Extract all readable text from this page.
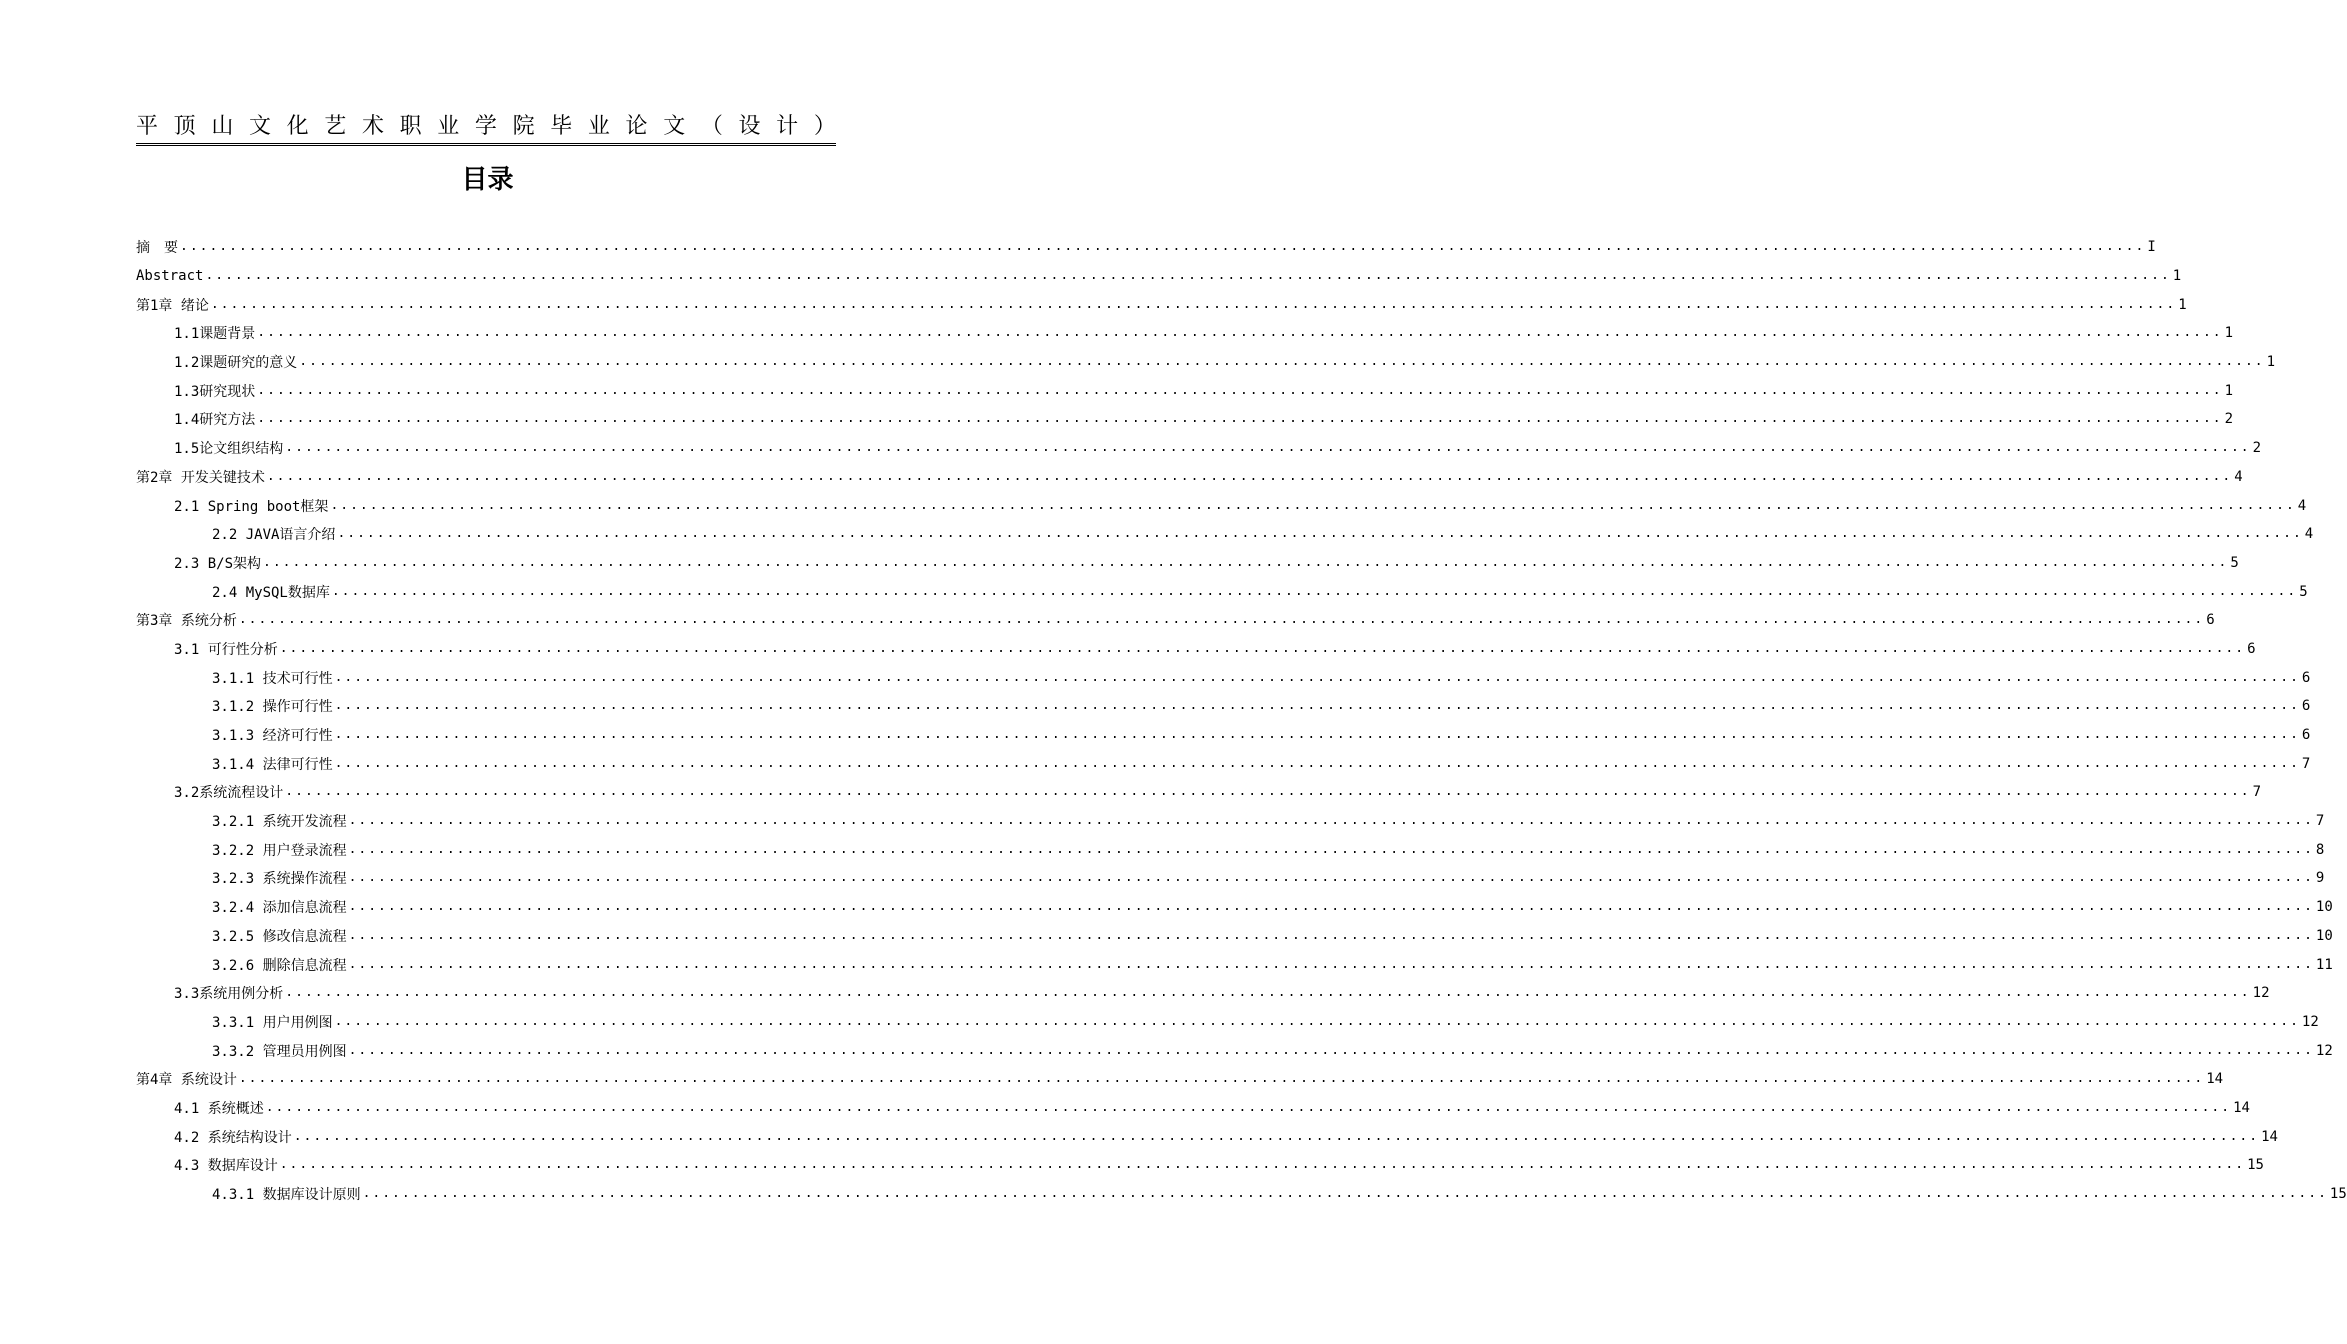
平 顶 山 文 化 艺 术 职 业 学 院 毕 业 论 文 （ 设 计 ）
目录
摘　要 ........................................................................................................................................................................................................ I
Abstract ........................................................................................................................................................................................................ 1
第1章 绪论 ........................................................................................................................................................................................................ 1
1.1课题背景 ........................................................................................................................................................................................................ 1
1.2课题研究的意义 ........................................................................................................................................................................................................ 1
1.3研究现状 ........................................................................................................................................................................................................ 1
1.4研究方法 ........................................................................................................................................................................................................ 2
1.5论文组织结构 ........................................................................................................................................................................................................ 2
第2章 开发关键技术 ........................................................................................................................................................................................................ 4
2.1 Spring boot框架 ........................................................................................................................................................................................................ 4
2.2 JAVA语言介绍 ........................................................................................................................................................................................................ 4
2.3 B/S架构 ........................................................................................................................................................................................................ 5
2.4 MySQL数据库 ........................................................................................................................................................................................................ 5
第3章 系统分析 ........................................................................................................................................................................................................ 6
3.1 可行性分析 ........................................................................................................................................................................................................ 6
3.1.1 技术可行性 ........................................................................................................................................................................................................ 6
3.1.2 操作可行性 ........................................................................................................................................................................................................ 6
3.1.3 经济可行性 ........................................................................................................................................................................................................ 6
3.1.4 法律可行性 ........................................................................................................................................................................................................ 7
3.2系统流程设计 ........................................................................................................................................................................................................ 7
3.2.1 系统开发流程 ........................................................................................................................................................................................................ 7
3.2.2 用户登录流程 ........................................................................................................................................................................................................ 8
3.2.3 系统操作流程 ........................................................................................................................................................................................................ 9
3.2.4 添加信息流程 ........................................................................................................................................................................................................ 10
3.2.5 修改信息流程 ........................................................................................................................................................................................................ 10
3.2.6 删除信息流程 ........................................................................................................................................................................................................ 11
3.3系统用例分析 ........................................................................................................................................................................................................ 12
3.3.1 用户用例图 ........................................................................................................................................................................................................ 12
3.3.2 管理员用例图 ........................................................................................................................................................................................................ 12
第4章 系统设计 ........................................................................................................................................................................................................ 14
4.1 系统概述 ........................................................................................................................................................................................................ 14
4.2 系统结构设计 ........................................................................................................................................................................................................ 14
4.3 数据库设计 ........................................................................................................................................................................................................ 15
4.3.1 数据库设计原则 ........................................................................................................................................................................................................ 15
